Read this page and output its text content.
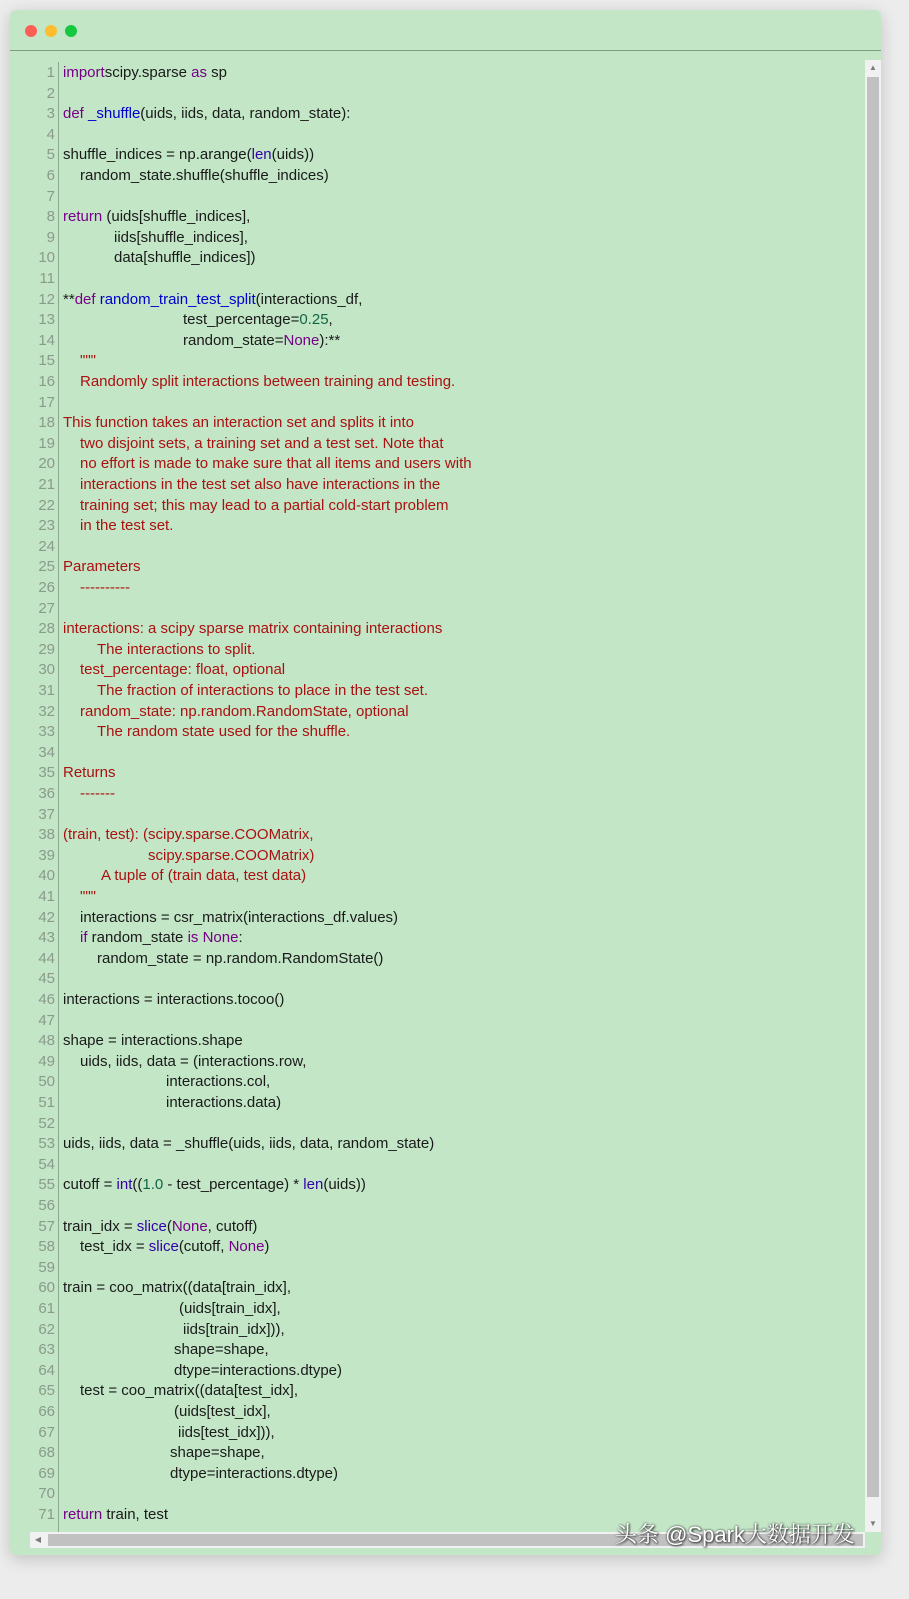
1 importscipy.sparse as sp
2
3 def _shuffle(uids, iids, data, random_state):
4
5 shuffle_indices = np.arange(len(uids))
6 random_state.shuffle(shuffle_indices)
7
8 return (uids[shuffle_indices],
9	iids[shuffle_indices],
10	data[shuffle_indices])
11
12 **def random_train_test_split(interactions_df,
13	test_percentage=0.25,
14	random_state=None):**
15 """
16 Randomly split interactions between training and testing.
17
18 This function takes an interaction set and splits it into
19 two disjoint sets, a training set and a test set. Note that
20 no effort is made to make sure that all items and users with
21 interactions in the test set also have interactions in the
22 training set; this may lead to a partial cold-start problem
23 in the test set.
24
25 Parameters
26 ----------
27
28 interactions: a scipy sparse matrix containing interactions
29	The interactions to split.
30 test_percentage: float, optional
31	The fraction of interactions to place in the test set.
32 random_state: np.random.RandomState, optional
33	The random state used for the shuffle.
34
35 Returns
36 -------
37
38 (train, test): (scipy.sparse.COOMatrix,
39	scipy.sparse.COOMatrix)
40	A tuple of (train data, test data)
41 """
42 interactions = csr_matrix(interactions_df.values)
43 if random_state is None:
44	random_state = np.random.RandomState()
45
46 interactions = interactions.tocoo()
47
48 shape = interactions.shape
49 uids, iids, data = (interactions.row,
50	interactions.col,
51	interactions.data)
52
53 uids, iids, data = _shuffle(uids, iids, data, random_state)
54
55 cutoff = int((1.0 - test_percentage) * len(uids))
56
57 train_idx = slice(None, cutoff)
58 test_idx = slice(cutoff, None)
59
60 train = coo_matrix((data[train_idx],
61	(uids[train_idx],
62	iids[train_idx])),
63	shape=shape,
64	dtype=interactions.dtype)
65 test = coo_matrix((data[test_idx],
66	(uids[test_idx],
67	iids[test_idx])),
68	shape=shape,
69	dtype=interactions.dtype)
70
71 return train, test
▲
▼
◀	头条 @Spark大数据开发
